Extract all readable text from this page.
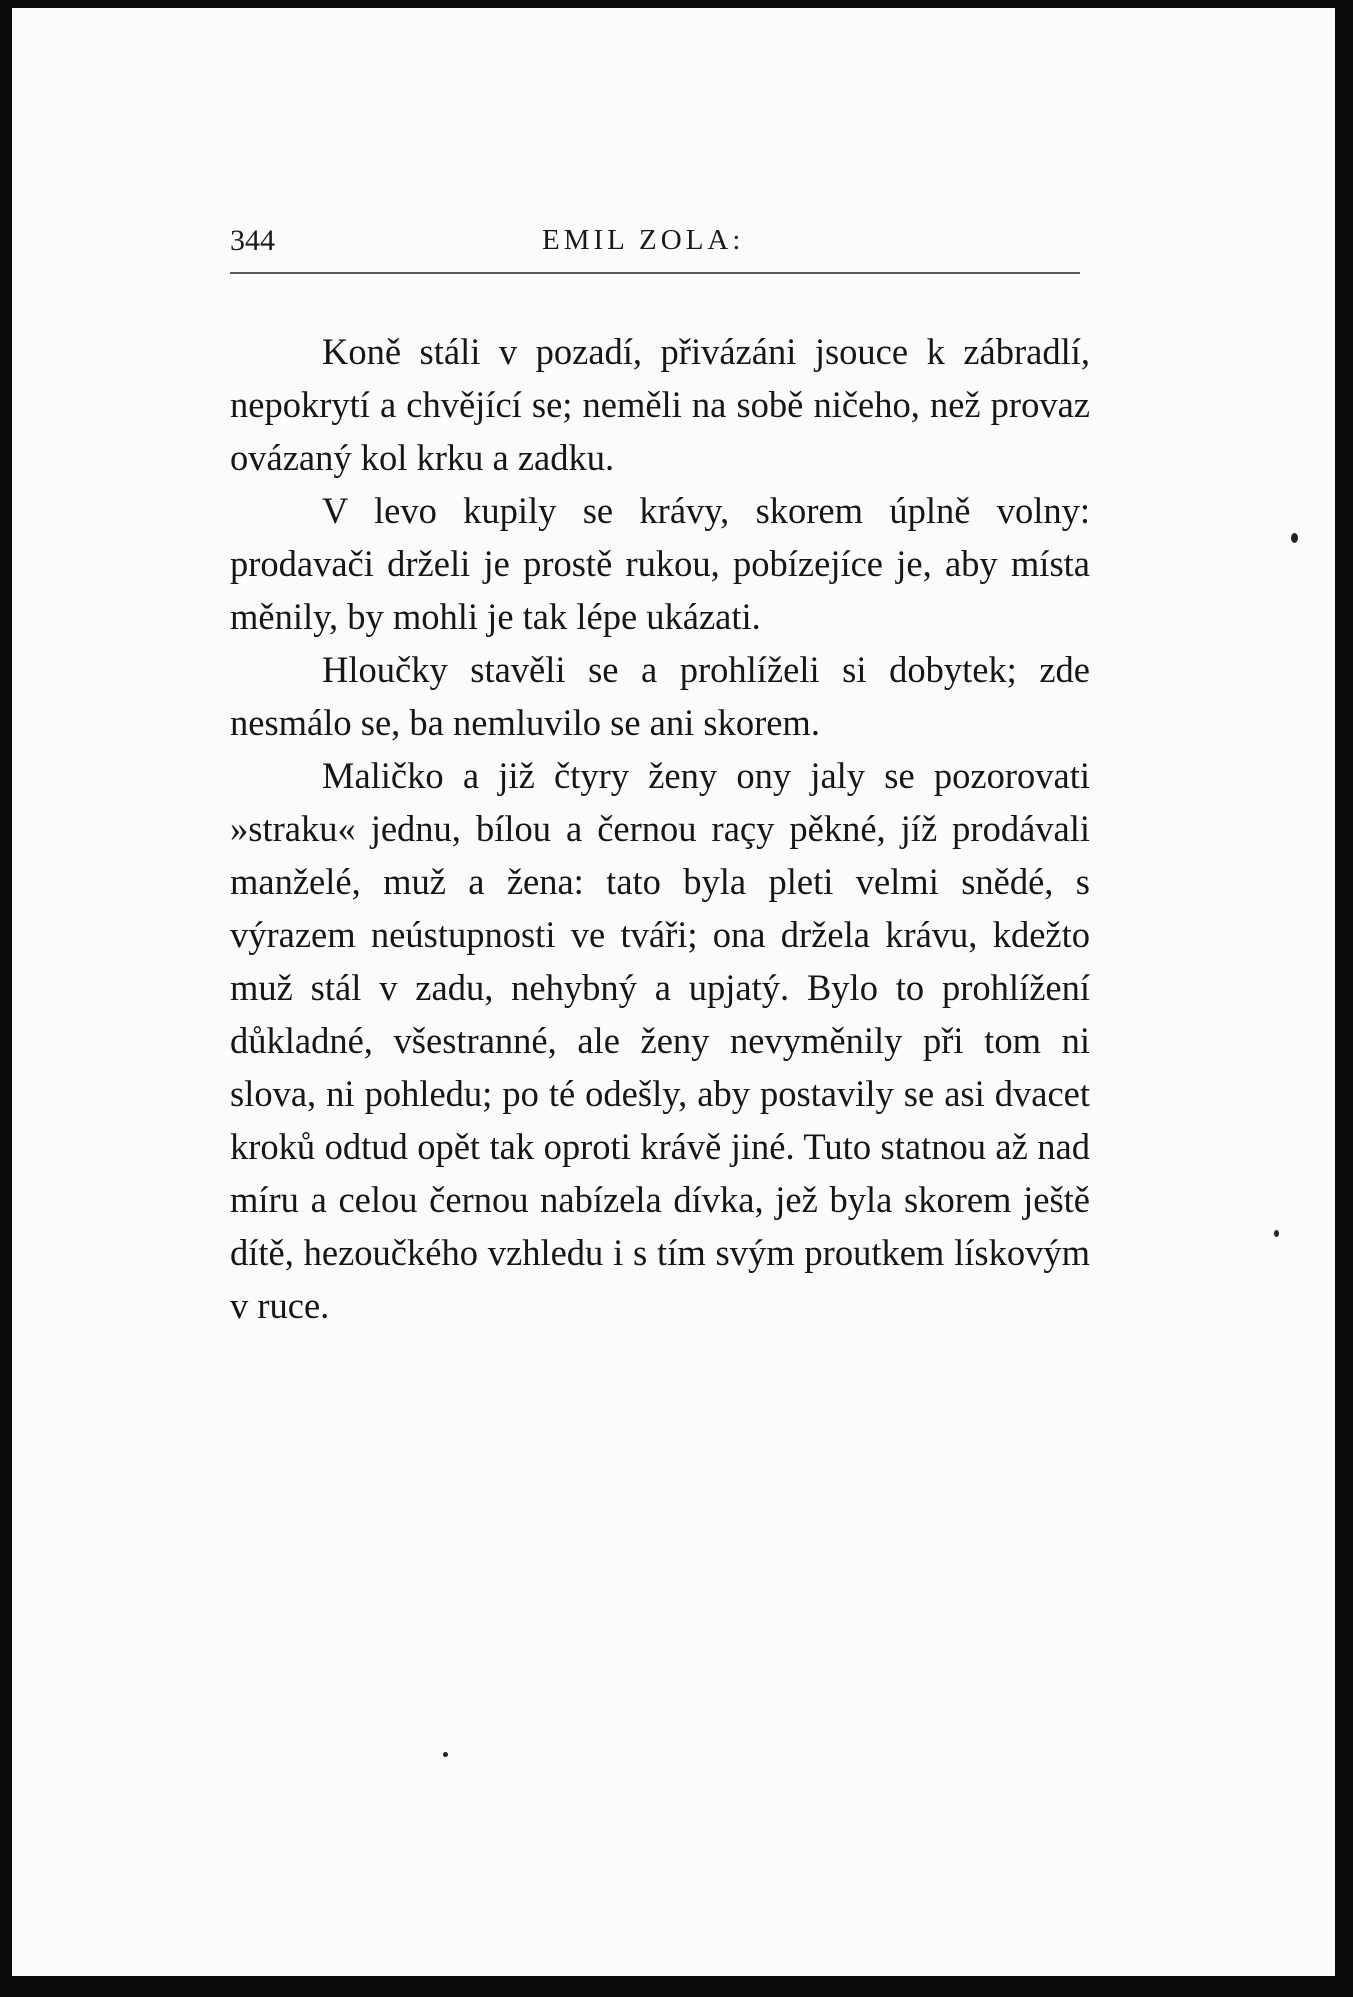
344	EMIL ZOLA:

Koně stáli v pozadí, přivázáni jsouce k zábradlí, nepokrytí a chvějící se; neměli na sobě ničeho, než provaz ovázaný kol krku a zadku.

V levo kupily se krávy, skorem úplně volny: prodavači drželi je prostě rukou, pobízejíce je, aby místa měnily, by mohli je tak lépe ukázati.

Hloučky stavěli se a prohlíželi si dobytek; zde nesmálo se, ba nemluvilo se ani skorem.

Maličko a již čtyry ženy ony jaly se pozorovati »straku« jednu, bílou a černou raçy pěkné, jíž prodávali manželé, muž a žena: tato byla pleti velmi snědé, s výrazem neústupnosti ve tváři; ona držela krávu, kdežto muž stál v zadu, nehybný a upjatý. Bylo to prohlížení důkladné, všestranné, ale ženy nevyměnily při tom ni slova, ni pohledu; po té odešly, aby postavily se asi dvacet kroků odtud opět tak oproti krávě jiné. Tuto statnou až nad míru a celou černou nabízela dívka, jež byla skorem ještě dítě, hezoučkého vzhledu i s tím svým proutkem lískovým v ruce.
